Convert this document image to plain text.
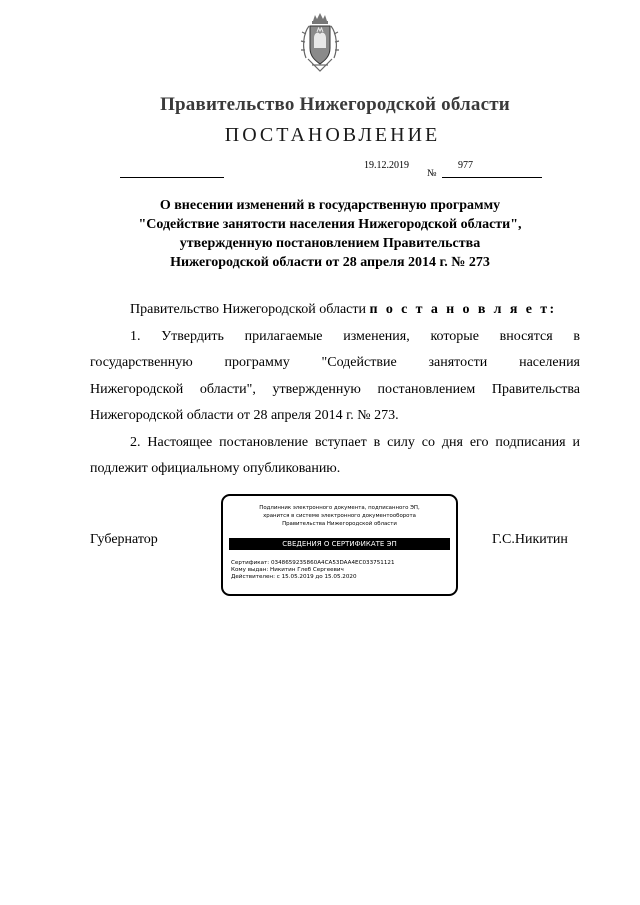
Правительство Нижегородской области
ПОСТАНОВЛЕНИЕ
19.12.2019
№
977
О внесении изменений в государственную программу
"Содействие занятости населения Нижегородской области",
утвержденную постановлением Правительства
Нижегородской области от 28 апреля 2014 г. № 273
Правительство Нижегородской области п о с т а н о в л я е т:
1. Утвердить прилагаемые изменения, которые вносятся в
государственную программу "Содействие занятости населения
Нижегородской области", утвержденную постановлением Правительства
Нижегородской области от 28 апреля 2014 г. № 273.
2. Настоящее постановление вступает в силу со дня его подписания и
подлежит официальному опубликованию.
Губернатор	Г.С.Никитин
Подлинник электронного документа, подписанного ЭП,
хранится в системе электронного документооборота
Правительства Нижегородской области
СВЕДЕНИЯ О СЕРТИФИКАТЕ ЭП
Сертификат: 0348659235860A4CA53DAA4EC033751121
Кому выдан: Никитин Глеб Сергеевич
Действителен: с 15.05.2019 до 15.05.2020
